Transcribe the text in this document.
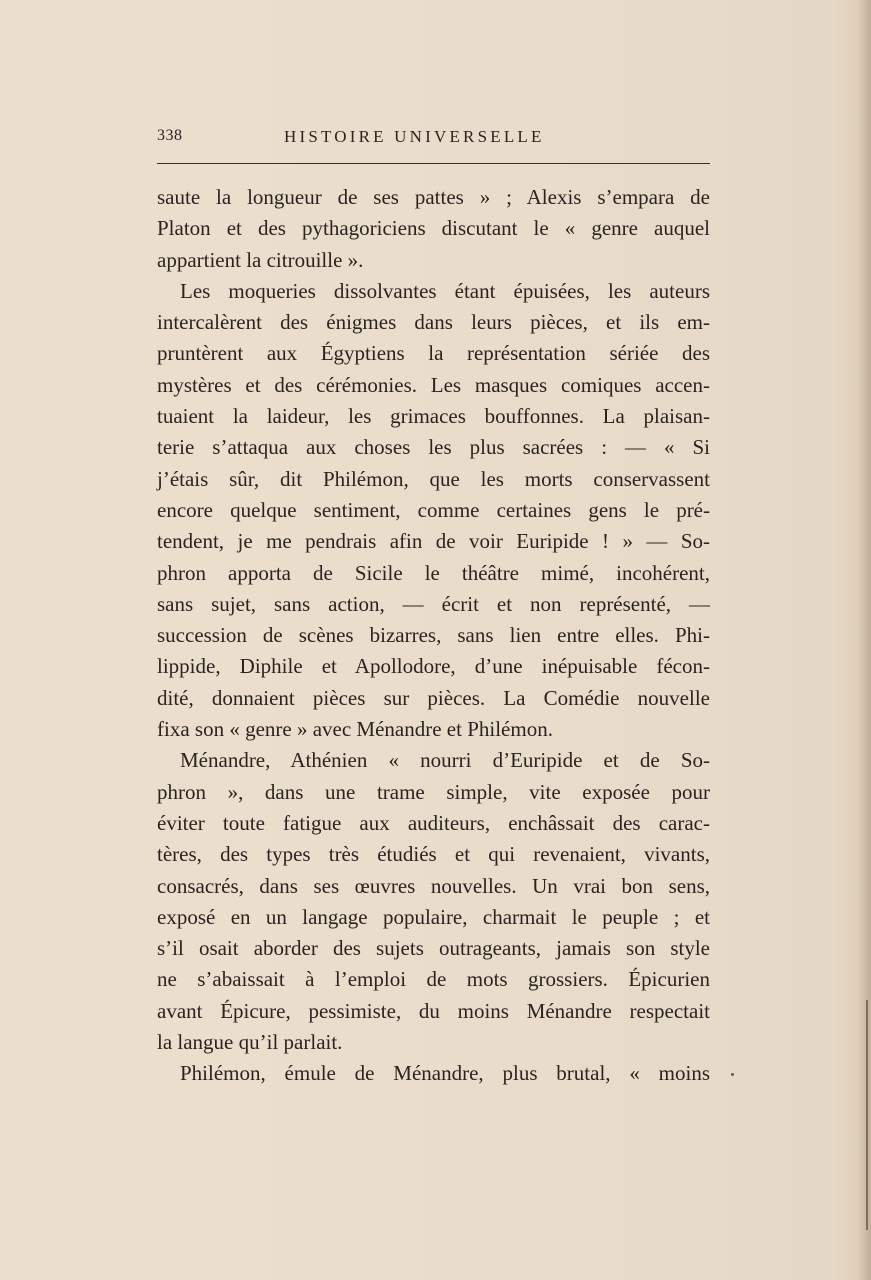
338	HISTOIRE UNIVERSELLE

saute la longueur de ses pattes » ; Alexis s’empara de
Platon et des pythagoriciens discutant le « genre auquel
appartient la citrouille ».

Les moqueries dissolvantes étant épuisées, les auteurs
intercalèrent des énigmes dans leurs pièces, et ils em-
pruntèrent aux Égyptiens la représentation sériée des
mystères et des cérémonies. Les masques comiques accen-
tuaient la laideur, les grimaces bouffonnes. La plaisan-
terie s’attaqua aux choses les plus sacrées : — « Si
j’étais sûr, dit Philémon, que les morts conservassent
encore quelque sentiment, comme certaines gens le pré-
tendent, je me pendrais afin de voir Euripide ! » — So-
phron apporta de Sicile le théâtre mimé, incohérent,
sans sujet, sans action, — écrit et non représenté, —
succession de scènes bizarres, sans lien entre elles. Phi-
lippide, Diphile et Apollodore, d’une inépuisable fécon-
dité, donnaient pièces sur pièces. La Comédie nouvelle
fixa son « genre » avec Ménandre et Philémon.

Ménandre, Athénien « nourri d’Euripide et de So-
phron », dans une trame simple, vite exposée pour
éviter toute fatigue aux auditeurs, enchâssait des carac-
tères, des types très étudiés et qui revenaient, vivants,
consacrés, dans ses œuvres nouvelles. Un vrai bon sens,
exposé en un langage populaire, charmait le peuple ; et
s’il osait aborder des sujets outrageants, jamais son style
ne s’abaissait à l’emploi de mots grossiers. Épicurien
avant Épicure, pessimiste, du moins Ménandre respectait
la langue qu’il parlait.

Philémon, émule de Ménandre, plus brutal, « moins
